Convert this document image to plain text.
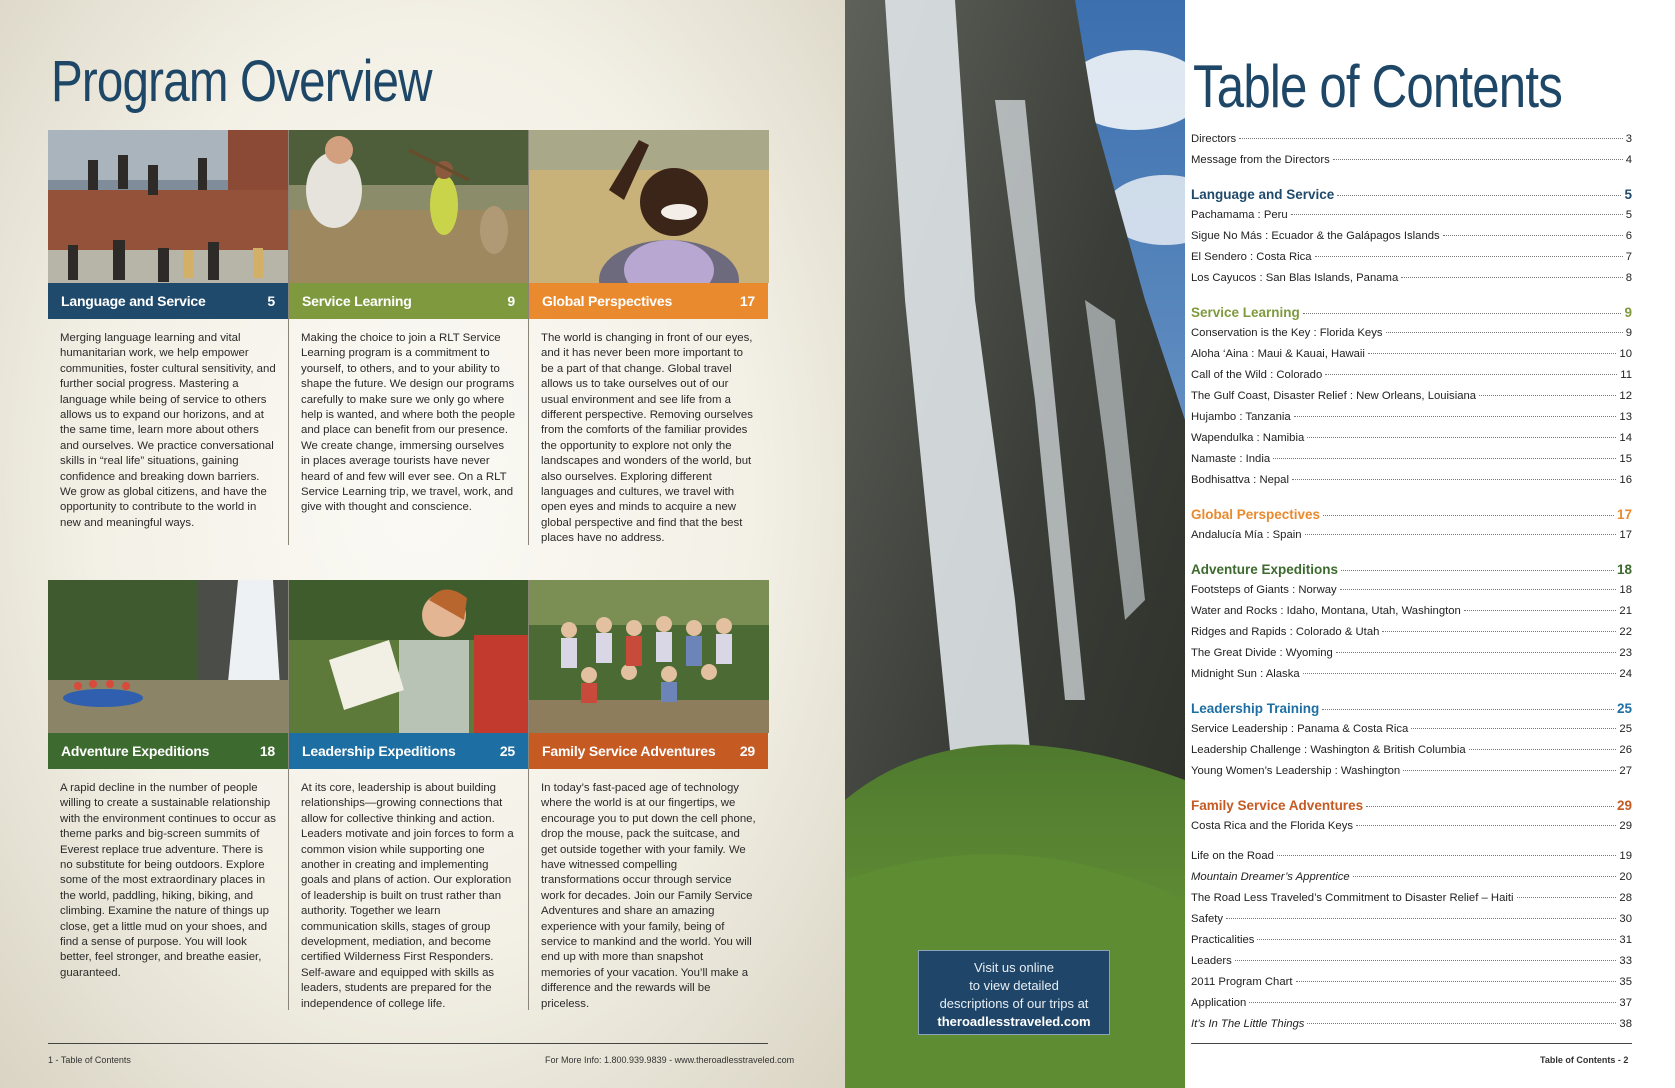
Program Overview
Language and Service	5

Merging language learning and vital humanitarian work, we help empower communities, foster cultural sensitivity, and further social progress. Mastering a language while being of service to others allows us to expand our horizons, and at the same time, learn more about others and ourselves. We practice conversational skills in “real life” situations, gaining confidence and breaking down barriers. We grow as global citizens, and have the opportunity to contribute to the world in new and meaningful ways.

Service Learning	9

Making the choice to join a RLT Service Learning program is a commitment to yourself, to others, and to your ability to shape the future. We design our programs carefully to make sure we only go where help is wanted, and where both the people and place can benefit from our presence. We create change, immersing ourselves in places average tourists have never heard of and few will ever see. On a RLT Service Learning trip, we travel, work, and give with thought and conscience.

Global Perspectives	17

The world is changing in front of our eyes, and it has never been more important to be a part of that change. Global travel allows us to take ourselves out of our usual environment and see life from a different perspective. Removing ourselves from the comforts of the familiar provides the opportunity to explore not only the landscapes and wonders of the world, but also ourselves. Exploring different languages and cultures, we travel with open eyes and minds to acquire a new global perspective and find that the best places have no address.

Adventure Expeditions	18

A rapid decline in the number of people willing to create a sustainable relationship with the environment continues to occur as theme parks and big-screen summits of Everest replace true adventure. There is no substitute for being outdoors. Explore some of the most extraordinary places in the world, paddling, hiking, biking, and climbing. Examine the nature of things up close, get a little mud on your shoes, and find a sense of purpose. You will look better, feel stronger, and breathe easier, guaranteed.

Leadership Expeditions	25

At its core, leadership is about building relationships—growing connections that allow for collective thinking and action. Leaders motivate and join forces to form a common vision while supporting one another in creating and implementing goals and plans of action. Our exploration of leadership is built on trust rather than authority. Together we learn communication skills, stages of group development, mediation, and become certified Wilderness First Responders. Self-aware and equipped with skills as leaders, students are prepared for the independence of college life.

Family Service Adventures 29

In today’s fast-paced age of technology where the world is at our fingertips, we encourage you to put down the cell phone, drop the mouse, pack the suitcase, and get outside together with your family. We have witnessed compelling transformations occur through service work for decades. Join our Family Service Adventures and share an amazing experience with your family, being of service to mankind and the world. You will end up with more than snapshot memories of your vacation. You’ll make a difference and the rewards will be priceless.

1 - Table of Contents	For More Info: 1.800.939.9839 - www.theroadlesstraveled.com
Visit us online
to view detailed
descriptions of our trips at
theroadlesstraveled.com
Table of Contents
Directors	3
Message from the Directors	4
Language and Service	5
Pachamama : Peru	5
Sigue No Más : Ecuador & the Galápagos Islands	6
El Sendero : Costa Rica	7
Los Cayucos : San Blas Islands, Panama	8
Service Learning	9
Conservation is the Key : Florida Keys	9
Aloha ‘Aina : Maui & Kauai, Hawaii	10
Call of the Wild : Colorado	11
The Gulf Coast, Disaster Relief : New Orleans, Louisiana	12
Hujambo : Tanzania	13
Wapendulka : Namibia	14
Namaste : India	15
Bodhisattva : Nepal	16
Global Perspectives	17
Andalucía Mía : Spain	17
Adventure Expeditions	18
Footsteps of Giants : Norway	18
Water and Rocks : Idaho, Montana, Utah, Washington	21
Ridges and Rapids : Colorado & Utah	22
The Great Divide : Wyoming	23
Midnight Sun : Alaska	24
Leadership Training	25
Service Leadership : Panama & Costa Rica	25
Leadership Challenge : Washington & British Columbia	26
Young Women’s Leadership : Washington	27
Family Service Adventures	29
Costa Rica and the Florida Keys	29
Life on the Road	19
Mountain Dreamer’s Apprentice	20
The Road Less Traveled’s Commitment to Disaster Relief – Haiti	28
Safety	30
Practicalities	31
Leaders	33
2011 Program Chart	35
Application	37
It’s In The Little Things	38
Table of Contents - 2
